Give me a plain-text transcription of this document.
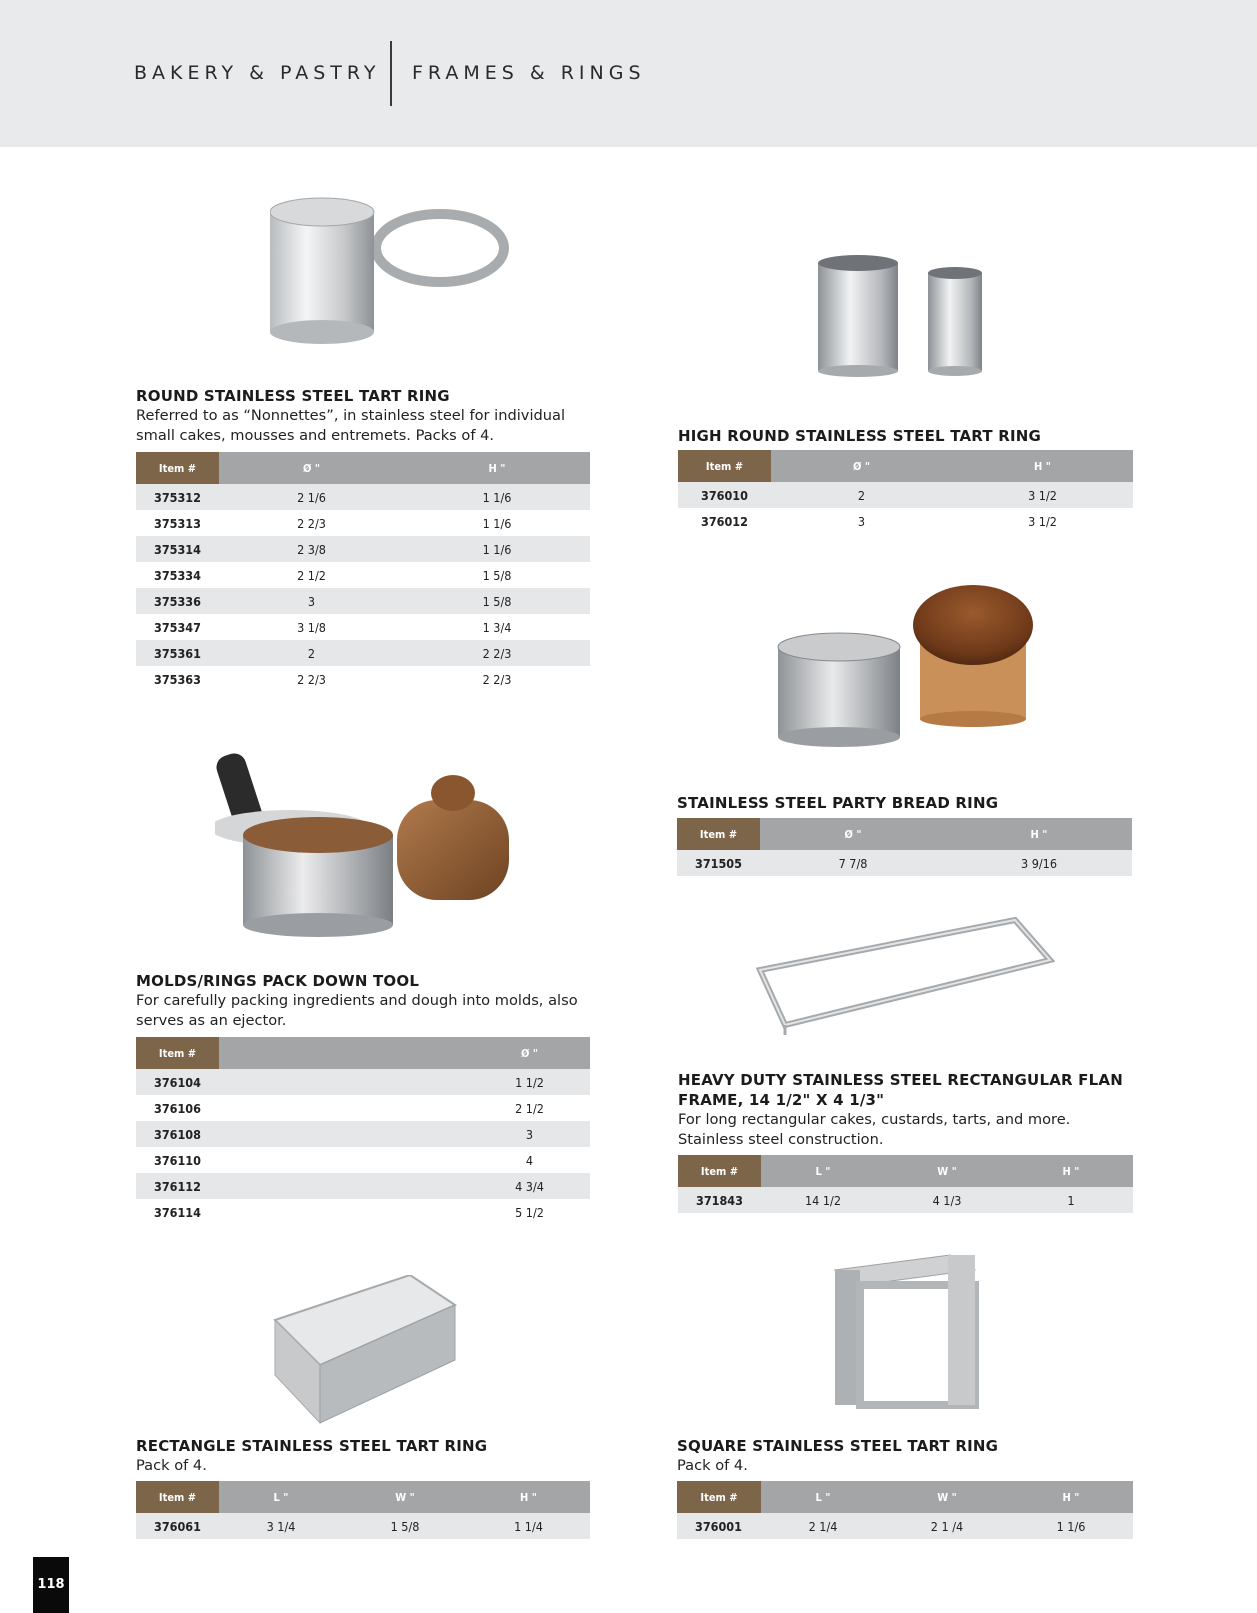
BAKERY & PASTRY FRAMES & RINGS
ROUND STAINLESS STEEL TART RING
Referred to as “Nonnettes”, in stainless steel for individual
small cakes, mousses and entremets. Packs of 4.
Item #	Ø "	H "
375312	2 1/6	1 1/6
375313	2 2/3	1 1/6
375314	2 3/8	1 1/6
375334	2 1/2	1 5/8
375336	3	1 5/8
375347	3 1/8	1 3/4
375361	2	2 2/3
375363	2 2/3	2 2/3
HIGH ROUND STAINLESS STEEL TART RING
Item #	Ø "	H "
376010	2	3 1/2
376012	3	3 1/2
STAINLESS STEEL PARTY BREAD RING
Item #	Ø "	H "
371505	7 7/8	3 9/16
MOLDS/RINGS PACK DOWN TOOL
For carefully packing ingredients and dough into molds, also
serves as an ejector.
Item #		Ø "
376104		1 1/2
376106		2 1/2
376108		3
376110		4
376112		4 3/4
376114		5 1/2
HEAVY DUTY STAINLESS STEEL RECTANGULAR FLAN
FRAME, 14 1/2" X 4 1/3"
For long rectangular cakes, custards, tarts, and more.
Stainless steel construction.
Item #	L "	W "	H "
371843	14 1/2	4 1/3	1
RECTANGLE STAINLESS STEEL TART RING
Pack of 4.
Item #	L "	W "	H "
376061	3 1/4	1 5/8	1 1/4
SQUARE STAINLESS STEEL TART RING
Pack of 4.
Item #	L "	W "	H "
376001	2 1/4	2 1 /4	1 1/6
118
